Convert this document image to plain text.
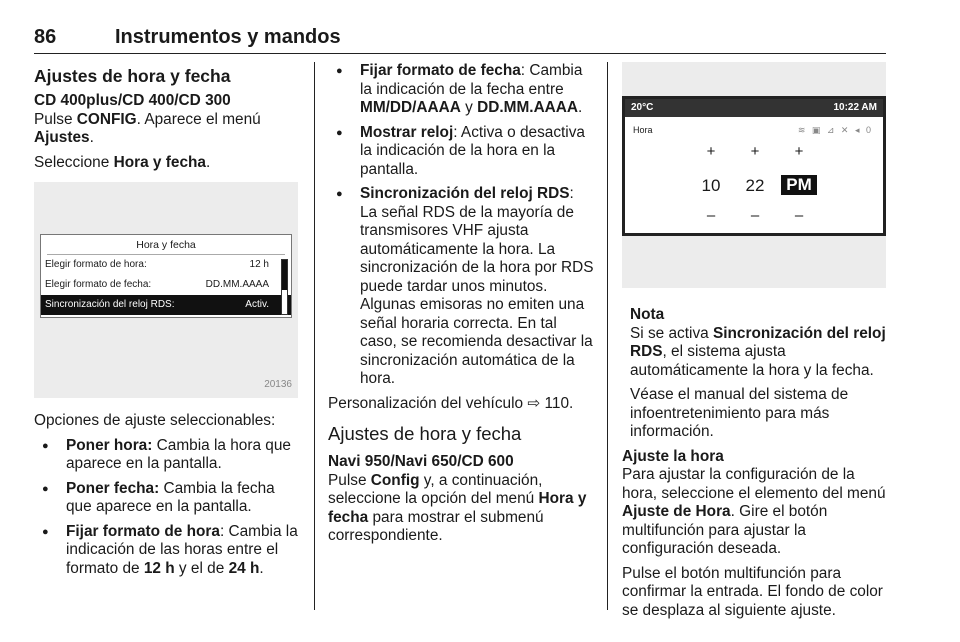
86	Instrumentos y mandos
Ajustes de hora y fecha
CD 400plus/CD 400/CD 300

Pulse CONFIG. Aparece el menú Ajustes.

Seleccione Hora y fecha.

Hora y fecha
Elegir formato de hora:	12 h
Elegir formato de fecha:	DD.MM.AAAA
Sincronización del reloj RDS:	Activ.
20136

Opciones de ajuste seleccionables:

● Poner hora: Cambia la hora que aparece en la pantalla.
● Poner fecha: Cambia la fecha que aparece en la pantalla.
● Fijar formato de hora: Cambia la indicación de las horas entre el formato de 12 h y el de 24 h.
● Fijar formato de fecha: Cambia la indicación de la fecha entre MM/DD/AAAA y DD.MM.AAAA.
● Mostrar reloj: Activa o desactiva la indicación de la hora en la pantalla.
● Sincronización del reloj RDS: La señal RDS de la mayoría de transmisores VHF ajusta automáticamente la hora. La sincronización de la hora por RDS puede tardar unos minutos. Algunas emisoras no emiten una señal horaria correcta. En tal caso, se recomienda desactivar la sincronización automática de la hora.

Personalización del vehículo ⇨ 110.

Ajustes de hora y fecha
Navi 950/Navi 650/CD 600

Pulse Config y, a continuación, seleccione la opción del menú Hora y fecha para mostrar el submenú correspondiente.

20°C	10:22 AM
Hora	≋ ▣ ⊿ ✕ ◂ 0
+	+	+
10	22	PM
–	–	–
Nota

Si se activa Sincronización del reloj RDS, el sistema ajusta automáticamente la hora y la fecha.

Véase el manual del sistema de infoentretenimiento para más información.

Ajuste la hora

Para ajustar la configuración de la hora, seleccione el elemento del menú Ajuste de Hora. Gire el botón multifunción para ajustar la configuración deseada.

Pulse el botón multifunción para confirmar la entrada. El fondo de color se desplaza al siguiente ajuste.
